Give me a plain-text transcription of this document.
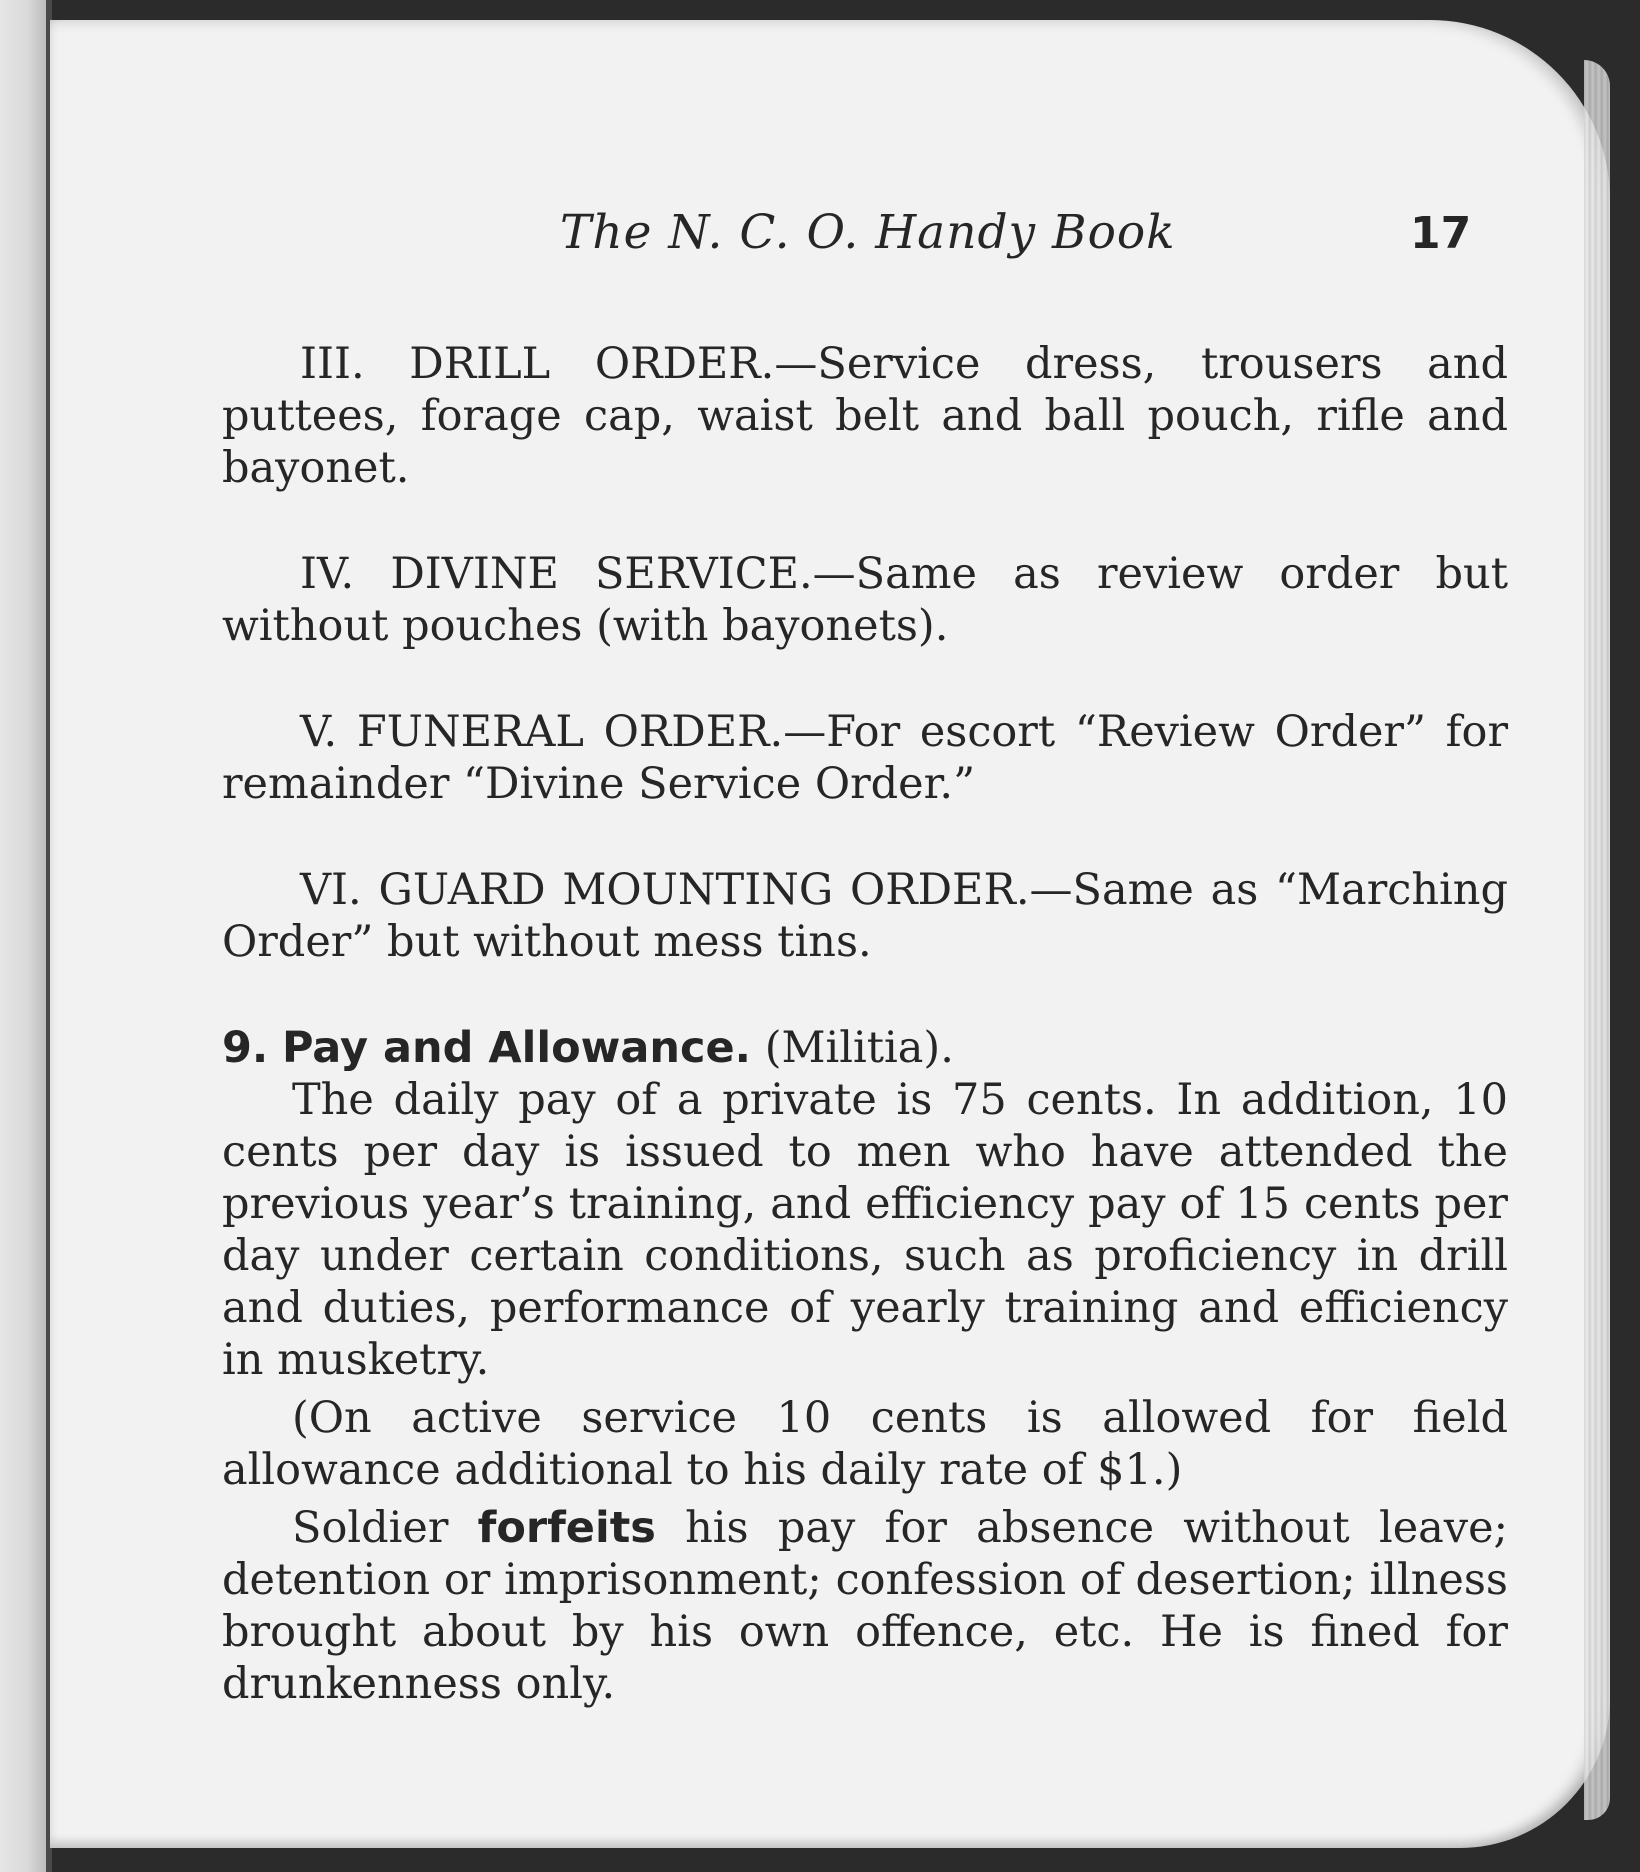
The N. C. O. Handy Book	17

III. DRILL ORDER.—Service dress, trousers and puttees, forage cap, waist belt and ball pouch, rifle and bayonet.

IV. DIVINE SERVICE.—Same as review order but without pouches (with bayonets).

V. FUNERAL ORDER.—For escort “Review Order” for remainder “Divine Service Order.”

VI. GUARD MOUNTING ORDER.—Same as “Marching Order” but without mess tins.

9. Pay and Allowance. (Militia).

The daily pay of a private is 75 cents. In addition, 10 cents per day is issued to men who have attended the previous year’s training, and efficiency pay of 15 cents per day under certain conditions, such as proficiency in drill and duties, performance of yearly training and efficiency in musketry.

(On active service 10 cents is allowed for field allowance additional to his daily rate of $1.)

Soldier forfeits his pay for absence without leave; detention or imprisonment; confession of desertion; illness brought about by his own offence, etc. He is fined for drunkenness only.
